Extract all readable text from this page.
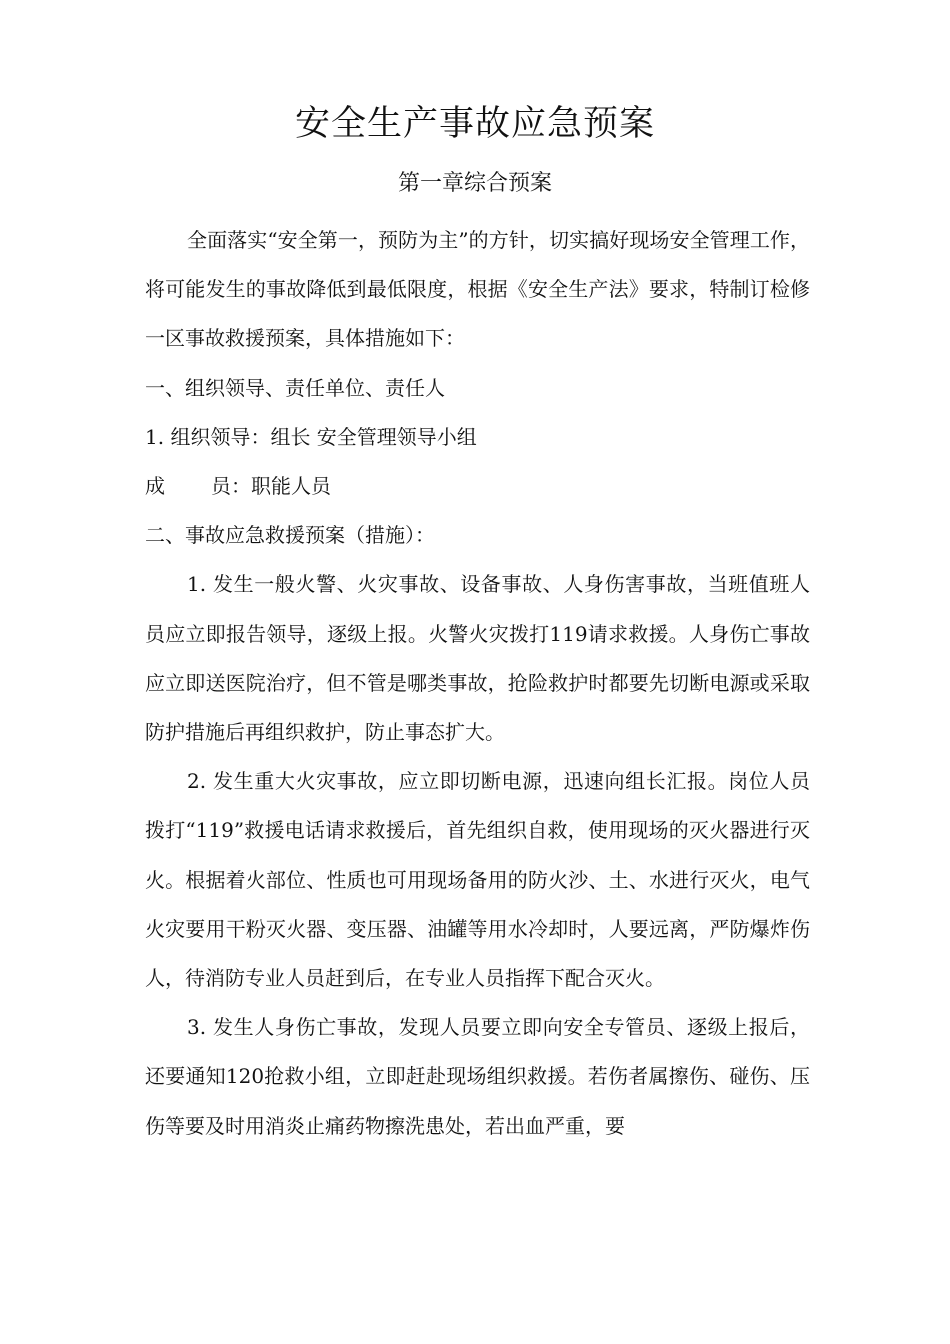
安全生产事故应急预案
第一章综合预案

全面落实“安全第一，预防为主”的方针，切实搞好现场安全管理工作，将可能发生的事故降低到最低限度，根据《安全生产法》要求，特制订检修一区事故救援预案，具体措施如下：

一、组织领导、责任单位、责任人

1. 组织领导：组长 安全管理领导小组

成 员：职能人员

二、事故应急救援预案（措施）：

1. 发生一般火警、火灾事故、设备事故、人身伤害事故，当班值班人员应立即报告领导，逐级上报。火警火灾拨打119请求救援。人身伤亡事故应立即送医院治疗，但不管是哪类事故，抢险救护时都要先切断电源或采取防护措施后再组织救护，防止事态扩大。

2. 发生重大火灾事故，应立即切断电源，迅速向组长汇报。岗位人员拨打“119”救援电话请求救援后，首先组织自救，使用现场的灭火器进行灭火。根据着火部位、性质也可用现场备用的防火沙、土、水进行灭火，电气火灾要用干粉灭火器、变压器、油罐等用水冷却时，人要远离，严防爆炸伤人，待消防专业人员赶到后，在专业人员指挥下配合灭火。

3. 发生人身伤亡事故，发现人员要立即向安全专管员、逐级上报后，还要通知120抢救小组，立即赶赴现场组织救援。若伤者属擦伤、碰伤、压伤等要及时用消炎止痛药物擦洗患处，若出血严重，要
